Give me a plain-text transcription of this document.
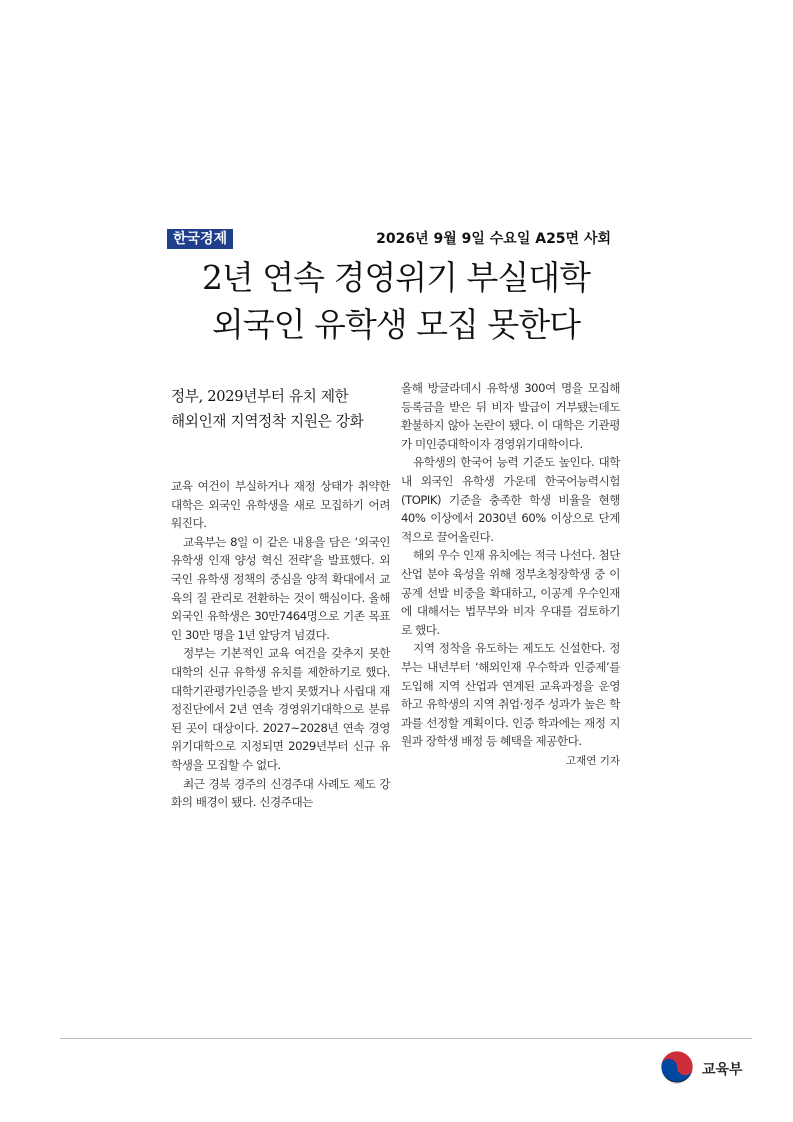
한국경제	2026년 9월 9일 수요일 A25면 사회
2년 연속 경영위기 부실대학
외국인 유학생 모집 못한다
정부, 2029년부터 유치 제한
해외인재 지역정착 지원은 강화

교육 여건이 부실하거나 재정 상태가 취약한 대학은 외국인 유학생을 새로 모집하기 어려워진다.

교육부는 8일 이 같은 내용을 담은 ‘외국인 유학생 인재 양성 혁신 전략’을 발표했다. 외국인 유학생 정책의 중심을 양적 확대에서 교육의 질 관리로 전환하는 것이 핵심이다. 올해 외국인 유학생은 30만7464명으로 기존 목표인 30만 명을 1년 앞당겨 넘겼다.

정부는 기본적인 교육 여건을 갖추지 못한 대학의 신규 유학생 유치를 제한하기로 했다. 대학기관평가인증을 받지 못했거나 사립대 재정진단에서 2년 연속 경영위기대학으로 분류된 곳이 대상이다. 2027~2028년 연속 경영위기대학으로 지정되면 2029년부터 신규 유학생을 모집할 수 없다.

최근 경북 경주의 신경주대 사례도 제도 강화의 배경이 됐다. 신경주대는

올해 방글라데시 유학생 300여 명을 모집해 등록금을 받은 뒤 비자 발급이 거부됐는데도 환불하지 않아 논란이 됐다. 이 대학은 기관평가 미인증대학이자 경영위기대학이다.

유학생의 한국어 능력 기준도 높인다. 대학 내 외국인 유학생 가운데 한국어능력시험(TOPIK) 기준을 충족한 학생 비율을 현행 40% 이상에서 2030년 60% 이상으로 단계적으로 끌어올린다.

해외 우수 인재 유치에는 적극 나선다. 첨단산업 분야 육성을 위해 정부초청장학생 중 이공계 선발 비중을 확대하고, 이공계 우수인재에 대해서는 법무부와 비자 우대를 검토하기로 했다.

지역 정착을 유도하는 제도도 신설한다. 정부는 내년부터 ‘해외인재 우수학과 인증제’를 도입해 지역 산업과 연계된 교육과정을 운영하고 유학생의 지역 취업·정주 성과가 높은 학과를 선정할 계획이다. 인증 학과에는 재정 지원과 장학생 배정 등 혜택을 제공한다.

고재연 기자
교육부
